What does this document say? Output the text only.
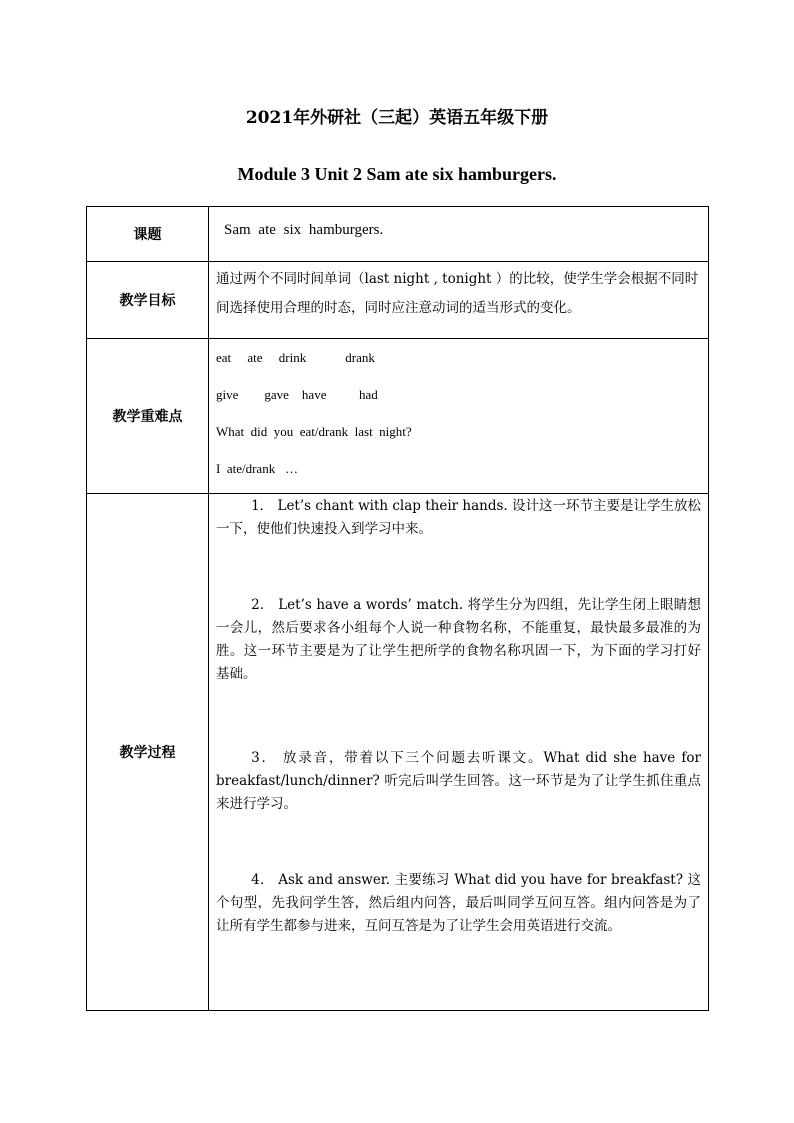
2021年外研社（三起）英语五年级下册
Module 3 Unit 2 Sam ate six hamburgers.
课题	Sam ate six hamburgers.

教学目标	通过两个不同时间单词（last night , tonight ）的比较，使学生学会根据不同时间选择使用合理的时态，同时应注意动词的适当形式的变化。

教学重难点	eat     ate     drink            drank
give        gave    have          had
What  did  you  eat/drank  last  night?
I  ate/drank   …

教学过程	1． Let’s chant with clap their hands. 设计这一环节主要是让学生放松一下，使他们快速投入到学习中来。
2． Let’s have a words’ match. 将学生分为四组，先让学生闭上眼睛想一会儿，然后要求各小组每个人说一种食物名称，不能重复，最快最多最准的为胜。这一环节主要是为了让学生把所学的食物名称巩固一下，为下面的学习打好基础。
3． 放录音，带着以下三个问题去听课文。What did she have for breakfast/lunch/dinner? 听完后叫学生回答。这一环节是为了让学生抓住重点来进行学习。
4． Ask and answer. 主要练习 What did you have for breakfast? 这个句型，先我问学生答，然后组内问答，最后叫同学互问互答。组内问答是为了让所有学生都参与进来，互问互答是为了让学生会用英语进行交流。
